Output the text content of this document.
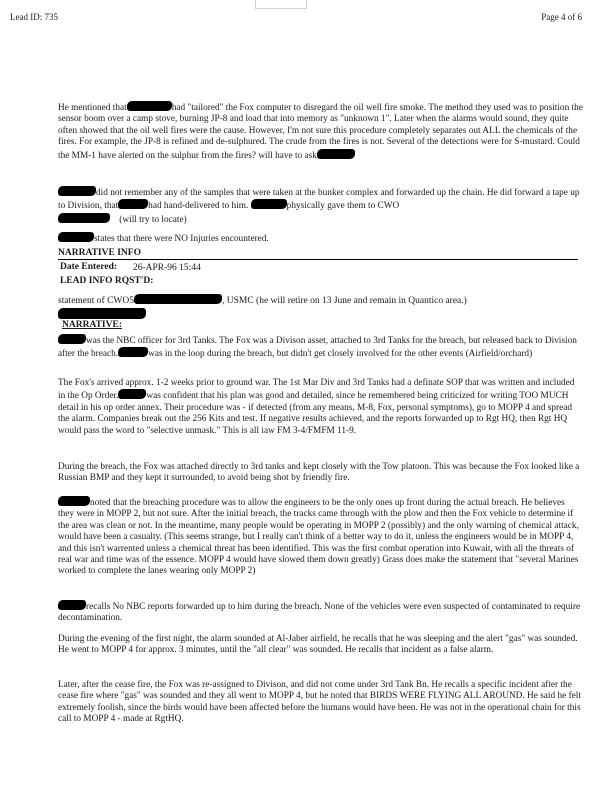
Lead ID: 735	Page 4 of 6

He mentioned that	had "tailored" the Fox computer to disregard the oil well fire smoke. The method they used was to position the sensor boom over a camp stove, burning JP-8 and load that into memory as "unknown 1". Later when the alarms would sound, they quite often showed that the oil well fires were the cause. However, I'm not sure this procedure completely separates out ALL the chemicals of the fires. For example, the JP-8 is refined and de-sulphured. The crude from the fires is not. Several of the detections were for S-mustard. Could the MM-1 have alerted on the sulphur from the fires? will have to ask

did not remember any of the samples that were taken at the bunker complex and forwarded up the chain. He did forward a tape up to Division, that	had hand-delivered to him.	physically gave them to CWO
(will try to locate)

states that there were NO Injuries encountered.

NARRATIVE INFO
Date Entered: 26-APR-96 15:44
LEAD INFO RQST'D:
statement of CWO5	, USMC (he will retire on 13 June and remain in Quantico area.)
NARRATIVE:

was the NBC officer for 3rd Tanks. The Fox was a Divison asset, attached to 3rd Tanks for the breach, but released back to Division after the breach.	was in the loop during the breach, but didn't get closely involved for the other events (Airfield/orchard)

The Fox's arrived approx. 1-2 weeks prior to ground war. The 1st Mar Div and 3rd Tanks had a definate SOP that was written and included in the Op Order.	was confident that his plan was good and detailed, since he remembered being criticized for writing TOO MUCH detail in his op order annex. Their procedure was - if detected (from any means, M-8, Fox, personal symptoms), go to MOPP 4 and spread the alarm. Companies break out the 256 Kits and test. If negative results achieved, and the reports forwarded up to Rgt HQ, then Rgt HQ would pass the word to "selective unmask." This is all iaw FM 3-4/FMFM 11-9.

During the breach, the Fox was attached directly to 3rd tanks and kept closely with the Tow platoon. This was because the Fox looked like a Russian BMP and they kept it surrounded, to avoid being shot by friendly fire.

noted that the breaching procedure was to allow the engineers to be the only ones up front during the actual breach. He believes they were in MOPP 2, but not sure. After the initial breach, the tracks came through with the plow and then the Fox vehicle to determine if the area was clean or not. In the meantime, many people would be operating in MOPP 2 (possibly) and the only warning of chemical attack, would have been a casualty. (This seems strange, but I really can't think of a better way to do it, unless the engineers would be in MOPP 4, and this isn't warrented unless a chemical threat has been identified. This was the first combat operation into Kuwait, with all the threats of real war and time was of the essence. MOPP 4 would have slowed them down greatly) Grass does make the statement that "several Marines worked to complete the lanes wearing only MOPP 2)

recalls No NBC reports forwarded up to him during the breach. None of the vehicles were even suspected of contaminated to require decontamination.

During the evening of the first night, the alarm sounded at Al-Jaber airfield, he recalls that he was sleeping and the alert "gas" was sounded. He went to MOPP 4 for approx. 3 minutes, until the "all clear" was sounded. He recalls that incident as a false alarm.

Later, after the cease fire, the Fox was re-assigned to Divison, and did not come under 3rd Tank Bn. He recalls a specific incident after the cease fire where "gas" was sounded and they all went to MOPP 4, but he noted that BIRDS WERE FLYING ALL AROUND. He said he felt extremely foolish, since the birds would have been affected before the humans would have been. He was not in the operational chain for this call to MOPP 4 - made at RgtHQ.
